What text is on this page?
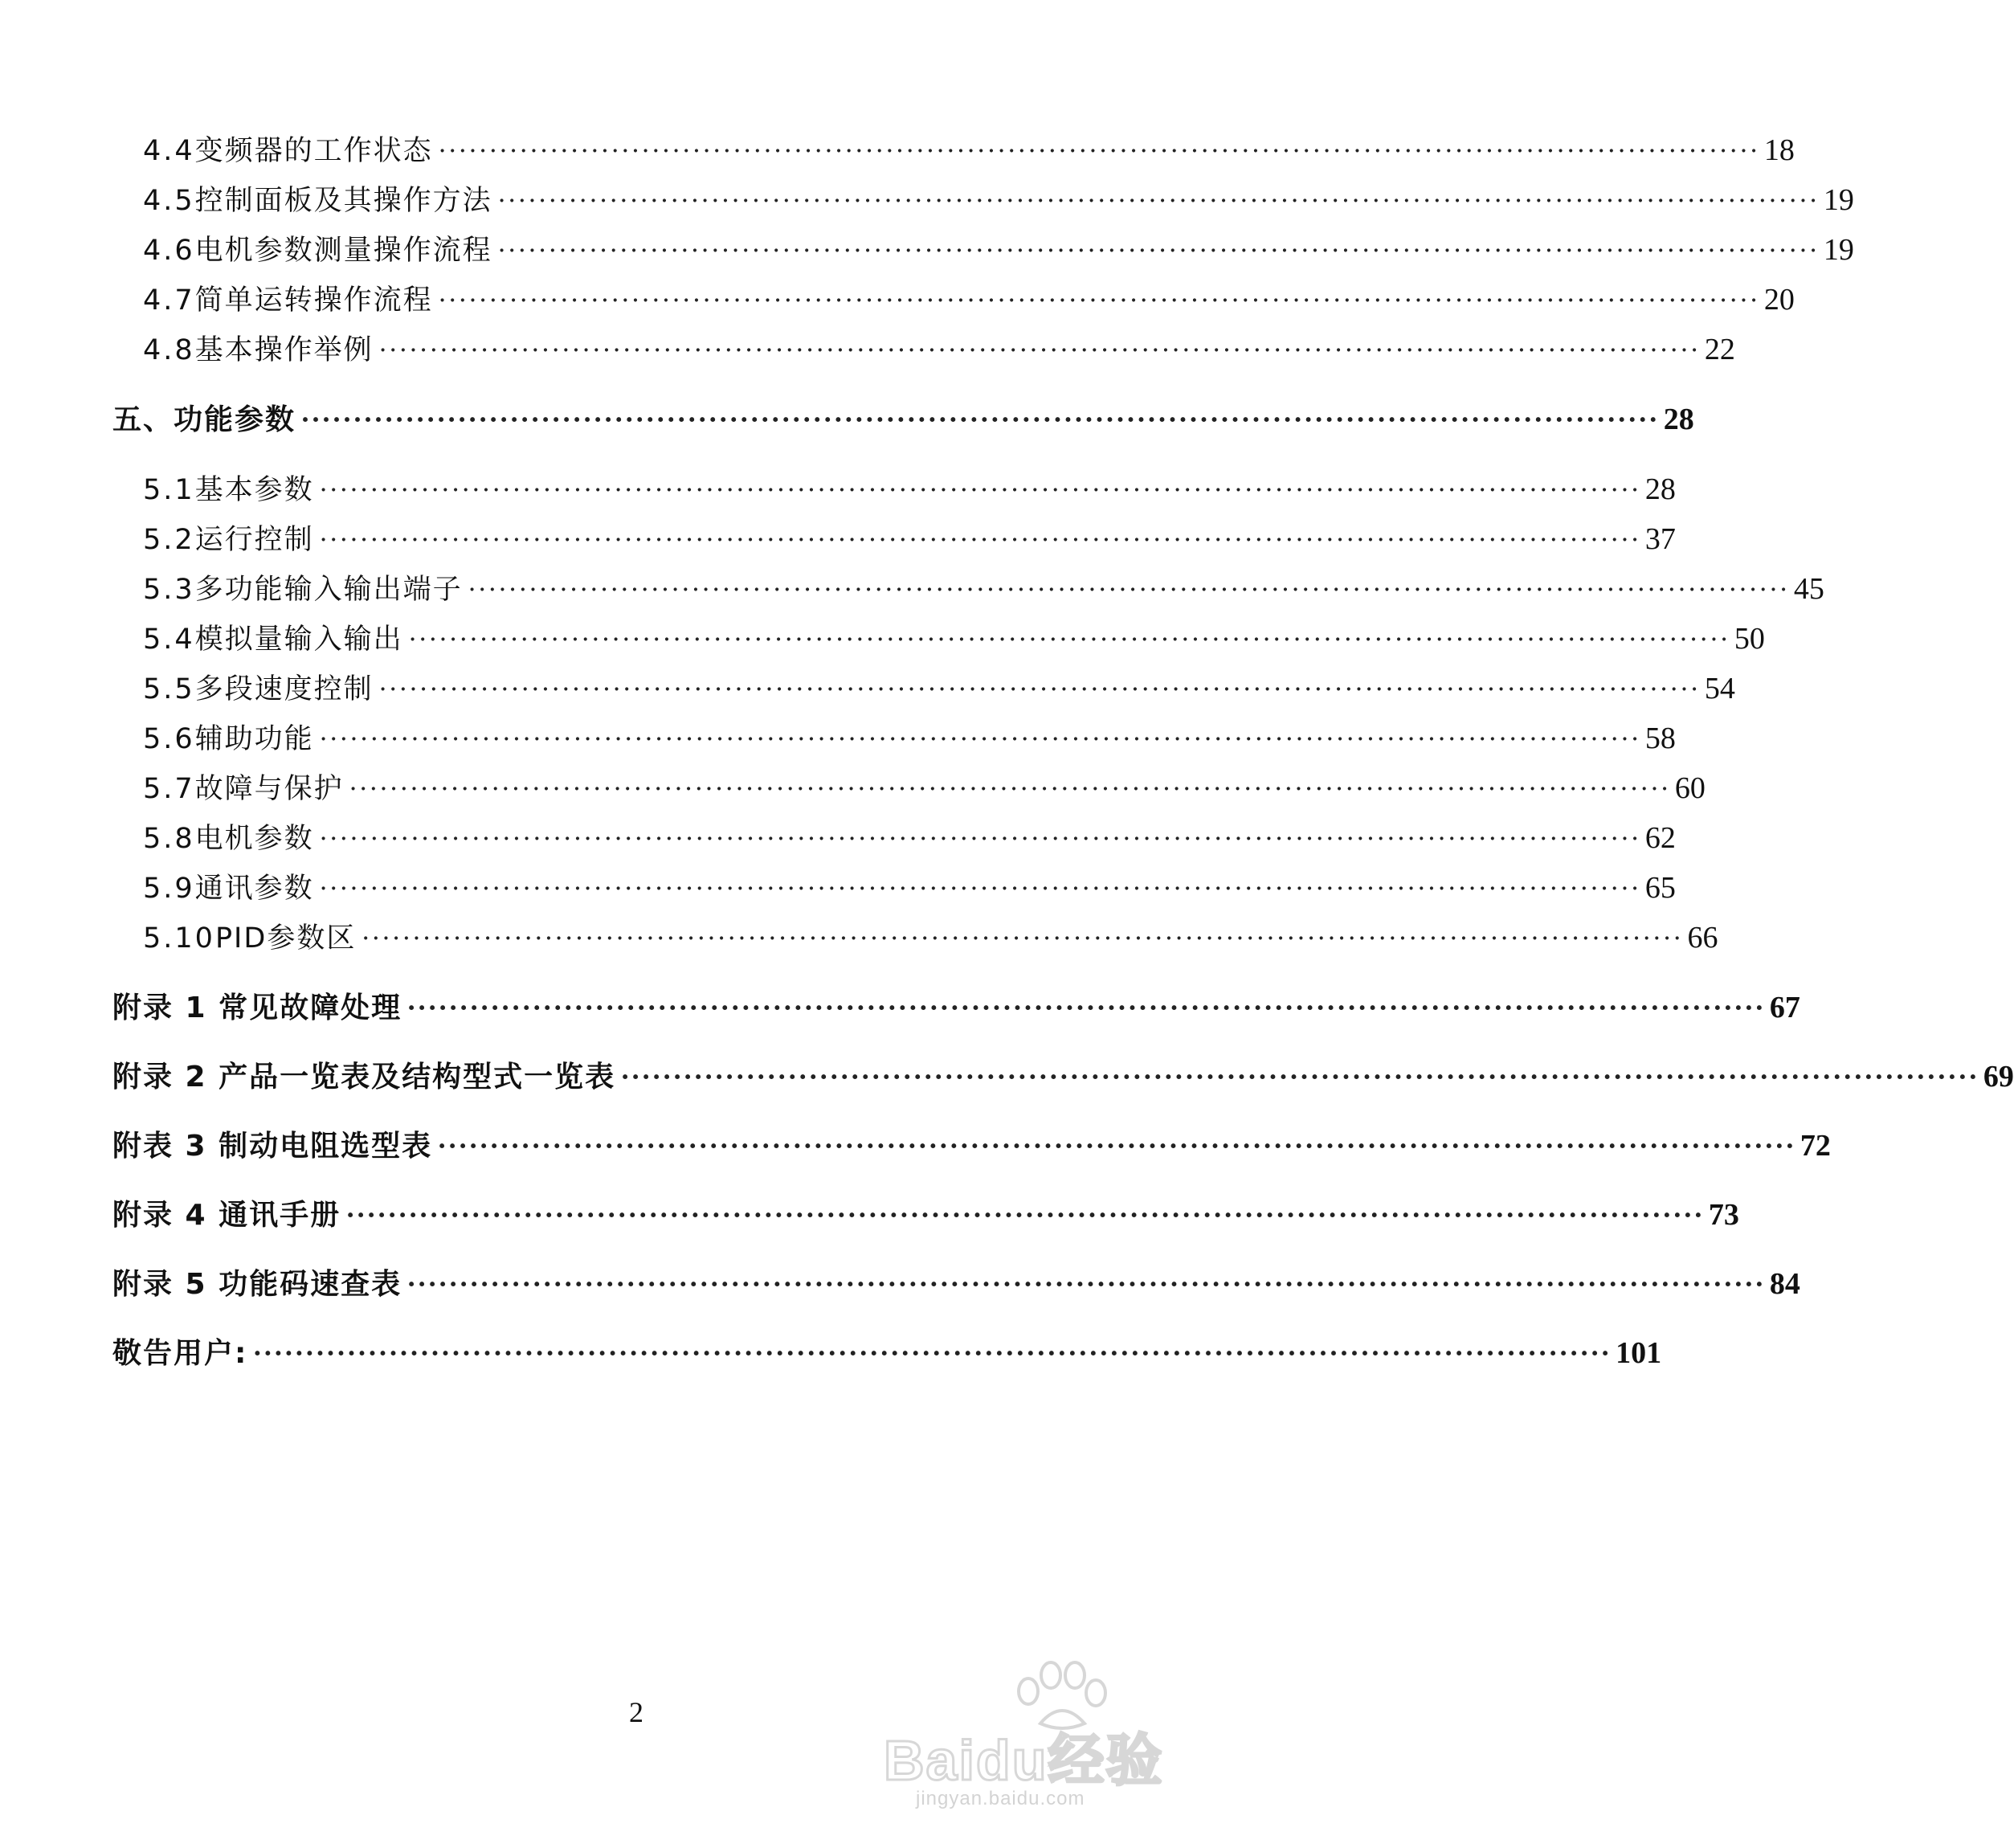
4.4 变频器的工作状态 ·································································································································· 18
4.5 控制面板及其操作方法 ·································································································································· 19
4.6 电机参数测量操作流程 ·································································································································· 19
4.7 简单运转操作流程 ·································································································································· 20
4.8 基本操作举例 ·································································································································· 22
五、功能参数 ·································································································································· 28
5.1 基本参数 ·································································································································· 28
5.2 运行控制 ·································································································································· 37
5.3 多功能输入输出端子 ·································································································································· 45
5.4 模拟量输入输出 ·································································································································· 50
5.5 多段速度控制 ·································································································································· 54
5.6 辅助功能 ·································································································································· 58
5.7 故障与保护 ·································································································································· 60
5.8 电机参数 ·································································································································· 62
5.9 通讯参数 ·································································································································· 65
5.10 PID参数区 ·································································································································· 66
附录 1 常见故障处理 ·································································································································· 67
附录 2 产品一览表及结构型式一览表 ·································································································································· 69
附表 3 制动电阻选型表 ·································································································································· 72
附录 4 通讯手册 ·································································································································· 73
附录 5 功能码速查表 ·································································································································· 84
敬告用户: ·································································································································· 101
2
Baidu经验
jingyan.baidu.com
